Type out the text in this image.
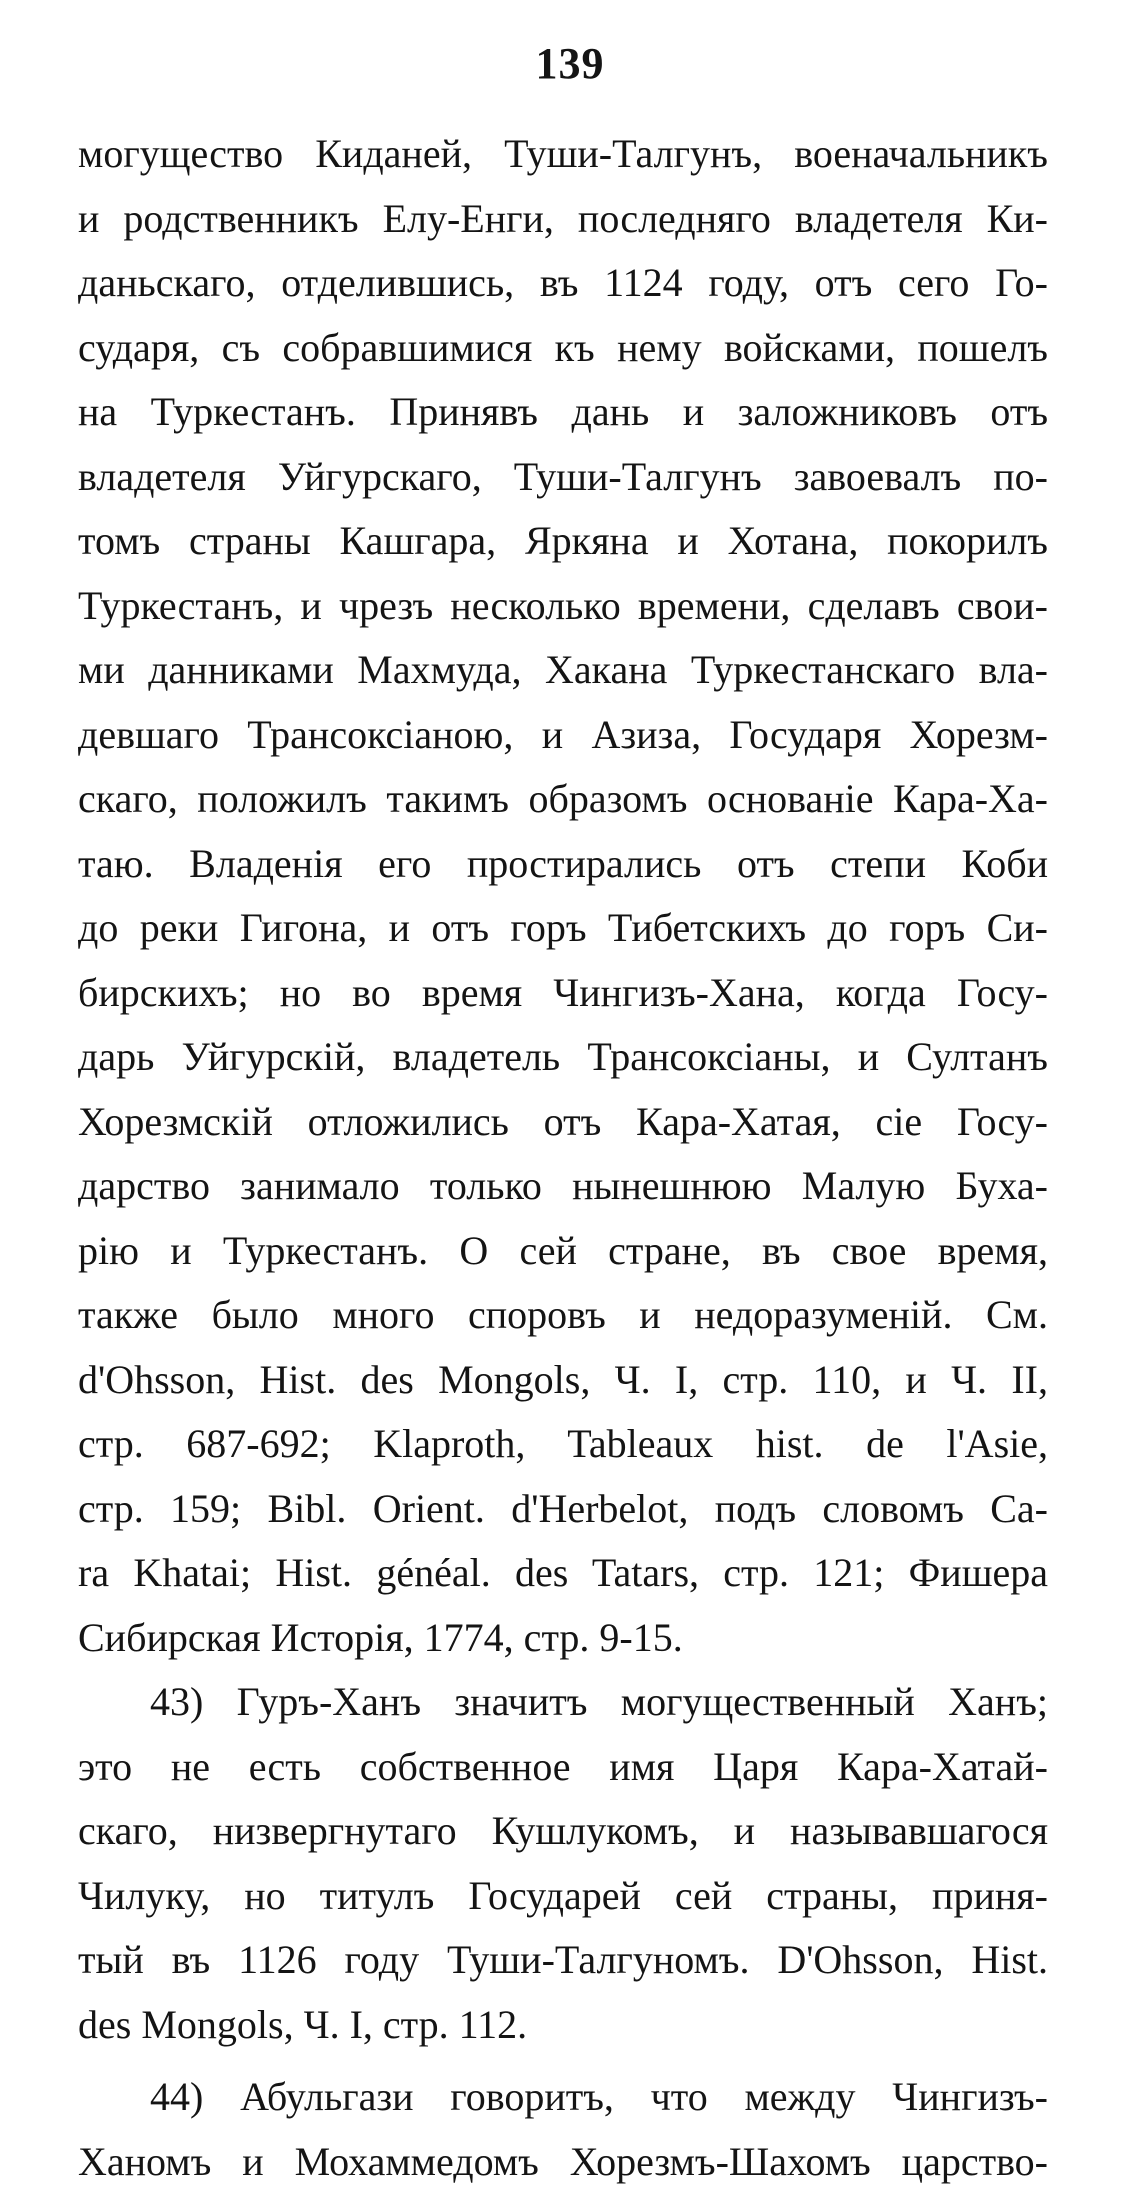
139
могущество Киданей, Туши-Талгунъ, военачальникъ
и родственникъ Елу-Енги, последняго владетеля Ки-
даньскаго, отделившись, въ 1124 году, отъ сего Го-
сударя, съ собравшимися къ нему войсками, пошелъ
на Туркестанъ. Принявъ дань и заложниковъ отъ
владетеля Уйгурскаго, Туши-Талгунъ завоевалъ по-
томъ страны Кашгара, Яркяна и Хотана, покорилъ
Туркестанъ, и чрезъ несколько времени, сделавъ свои-
ми данниками Махмуда, Хакана Туркестанскаго вла-
девшаго Трансоксіаною, и Азиза, Государя Хорезм-
скаго, положилъ такимъ образомъ основаніе Кара-Ха-
таю. Владенія его простирались отъ степи Коби
до реки Гигона, и отъ горъ Тибетскихъ до горъ Си-
бирскихъ; но во время Чингизъ-Хана, когда Госу-
дарь Уйгурскій, владетель Трансоксіаны, и Султанъ
Хорезмскій отложились отъ Кара-Хатая, сіе Госу-
дарство занимало только нынешнюю Малую Буха-
рію и Туркестанъ. О сей стране, въ свое время,
также было много споровъ и недоразуменій. См.
d'Ohsson, Hist. des Mongols, Ч. I, стр. 110, и Ч. II,
стр. 687-692; Klaproth, Tableaux hist. de l'Asie,
стр. 159; Bibl. Orient. d'Herbelot, подъ словомъ Ca-
ra Khatai; Hist. généal. des Tatars, стр. 121; Фишера
Сибирская Исторія, 1774, стр. 9-15.
43) Гуръ-Ханъ значитъ могущественный Ханъ;
это не есть собственное имя Царя Кара-Хатай-
скаго, низвергнутаго Кушлукомъ, и называвшагося
Чилуку, но титулъ Государей сей страны, приня-
тый въ 1126 году Туши-Талгуномъ. D'Ohsson, Hist.
des Mongols, Ч. I, стр. 112.
44) Абульгази говоритъ, что между Чингизъ-
Ханомъ и Мохаммедомъ Хорезмъ-Шахомъ царство-
